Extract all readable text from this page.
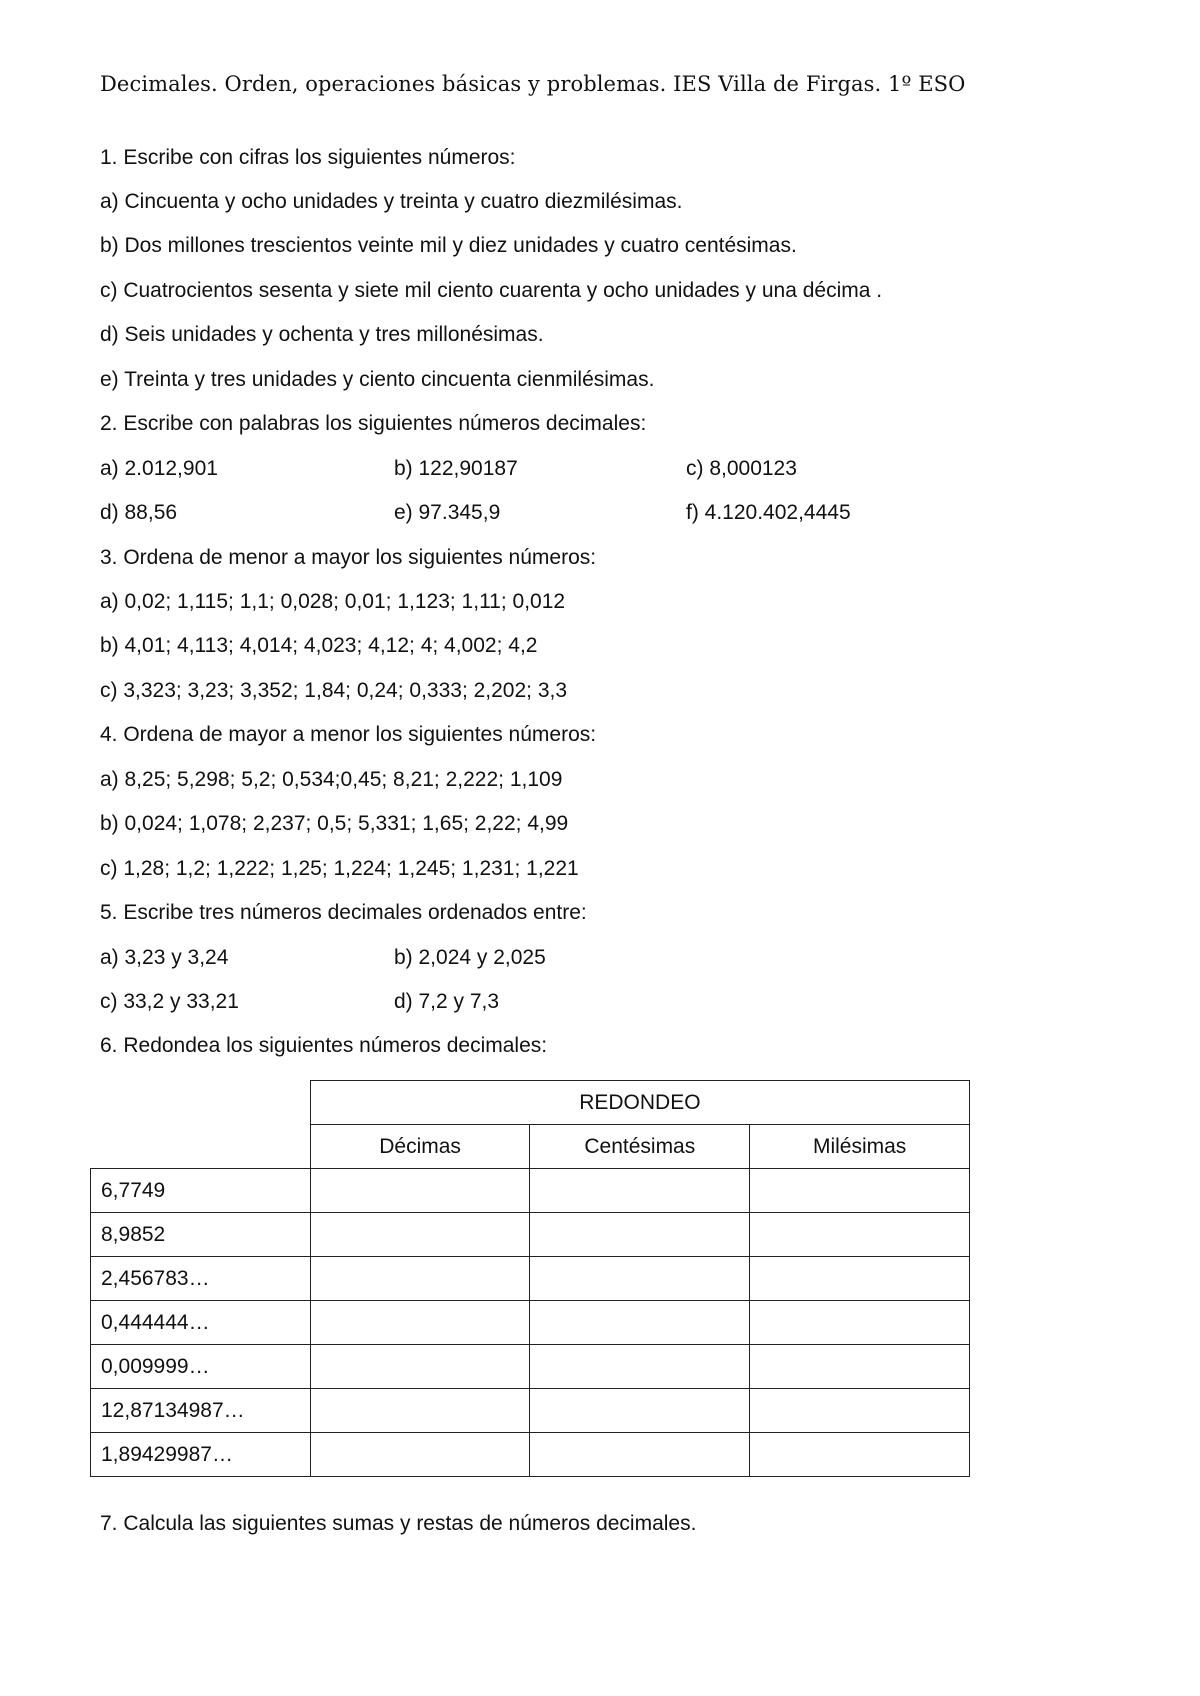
Decimales. Orden, operaciones básicas y problemas. IES Villa de Firgas. 1º ESO
1. Escribe con cifras los siguientes números:
a) Cincuenta y ocho unidades y treinta y cuatro diezmilésimas.
b) Dos millones trescientos veinte mil y diez unidades y cuatro centésimas.
c) Cuatrocientos sesenta y siete mil ciento cuarenta y ocho unidades y una décima .
d) Seis unidades y ochenta y tres millonésimas.
e) Treinta y tres unidades y ciento cincuenta cienmilésimas.
2. Escribe con palabras los siguientes números decimales:
a) 2.012,901	b) 122,90187	c) 8,000123
d) 88,56	e) 97.345,9	f) 4.120.402,4445
3. Ordena de menor a mayor los siguientes números:
a) 0,02; 1,115; 1,1; 0,028; 0,01; 1,123; 1,11; 0,012
b) 4,01; 4,113; 4,014; 4,023; 4,12; 4; 4,002; 4,2
c) 3,323; 3,23; 3,352; 1,84; 0,24; 0,333; 2,202; 3,3
4. Ordena de mayor a menor los siguientes números:
a) 8,25; 5,298; 5,2; 0,534;0,45; 8,21; 2,222; 1,109
b) 0,024; 1,078; 2,237; 0,5; 5,331; 1,65; 2,22; 4,99
c) 1,28; 1,2; 1,222; 1,25; 1,224; 1,245; 1,231; 1,221
5. Escribe tres números decimales ordenados entre:
a) 3,23 y 3,24	b) 2,024 y 2,025
c) 33,2 y 33,21	d) 7,2 y 7,3
6. Redondea los siguientes números decimales:
	REDONDEO		
	Décimas	Centésimas	Milésimas
6,7749			
8,9852			
2,456783…			
0,444444…			
0,009999…			
12,87134987…			
1,89429987…			
7. Calcula las siguientes sumas y restas de números decimales.
